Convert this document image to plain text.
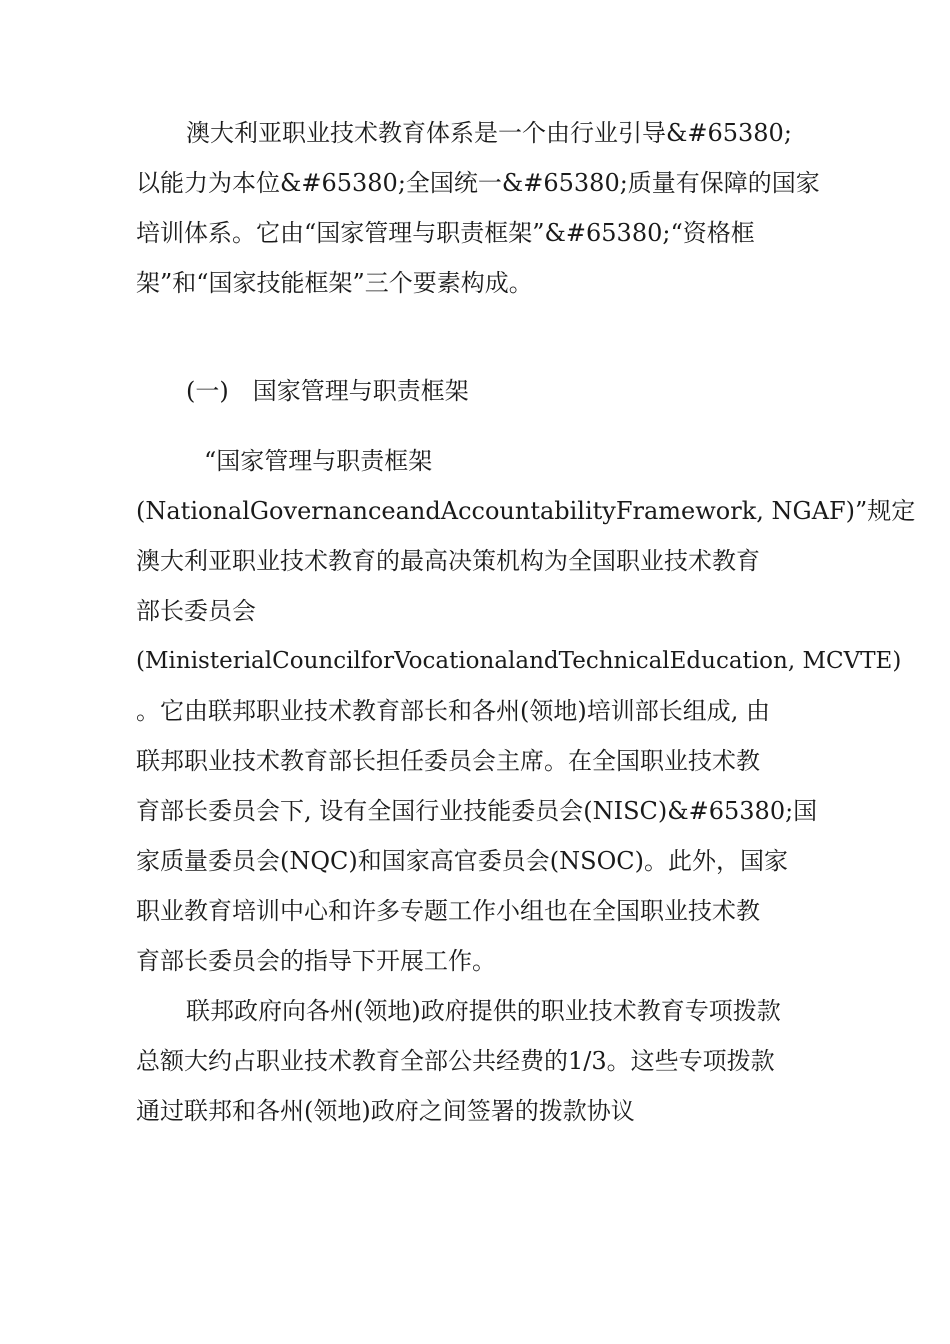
澳大利亚职业技术教育体系是一个由行业引导&#65380;
以能力为本位&#65380;全国统一&#65380;质量有保障的国家
培训体系。它由“国家管理与职责框架”&#65380;“资格框
架”和“国家技能框架”三个要素构成。
(一)　国家管理与职责框架
“国家管理与职责框架
(NationalGovernanceandAccountabilityFramework, NGAF)”规定
澳大利亚职业技术教育的最高决策机构为全国职业技术教育
部长委员会
(MinisterialCouncilforVocationalandTechnicalEducation, MCVTE)
。它由联邦职业技术教育部长和各州(领地)培训部长组成, 由
联邦职业技术教育部长担任委员会主席。在全国职业技术教
育部长委员会下, 设有全国行业技能委员会(NISC)&#65380;国
家质量委员会(NQC)和国家高官委员会(NSOC)。此外，国家
职业教育培训中心和许多专题工作小组也在全国职业技术教
育部长委员会的指导下开展工作。
联邦政府向各州(领地)政府提供的职业技术教育专项拨款
总额大约占职业技术教育全部公共经费的1/3。这些专项拨款
通过联邦和各州(领地)政府之间签署的拨款协议
